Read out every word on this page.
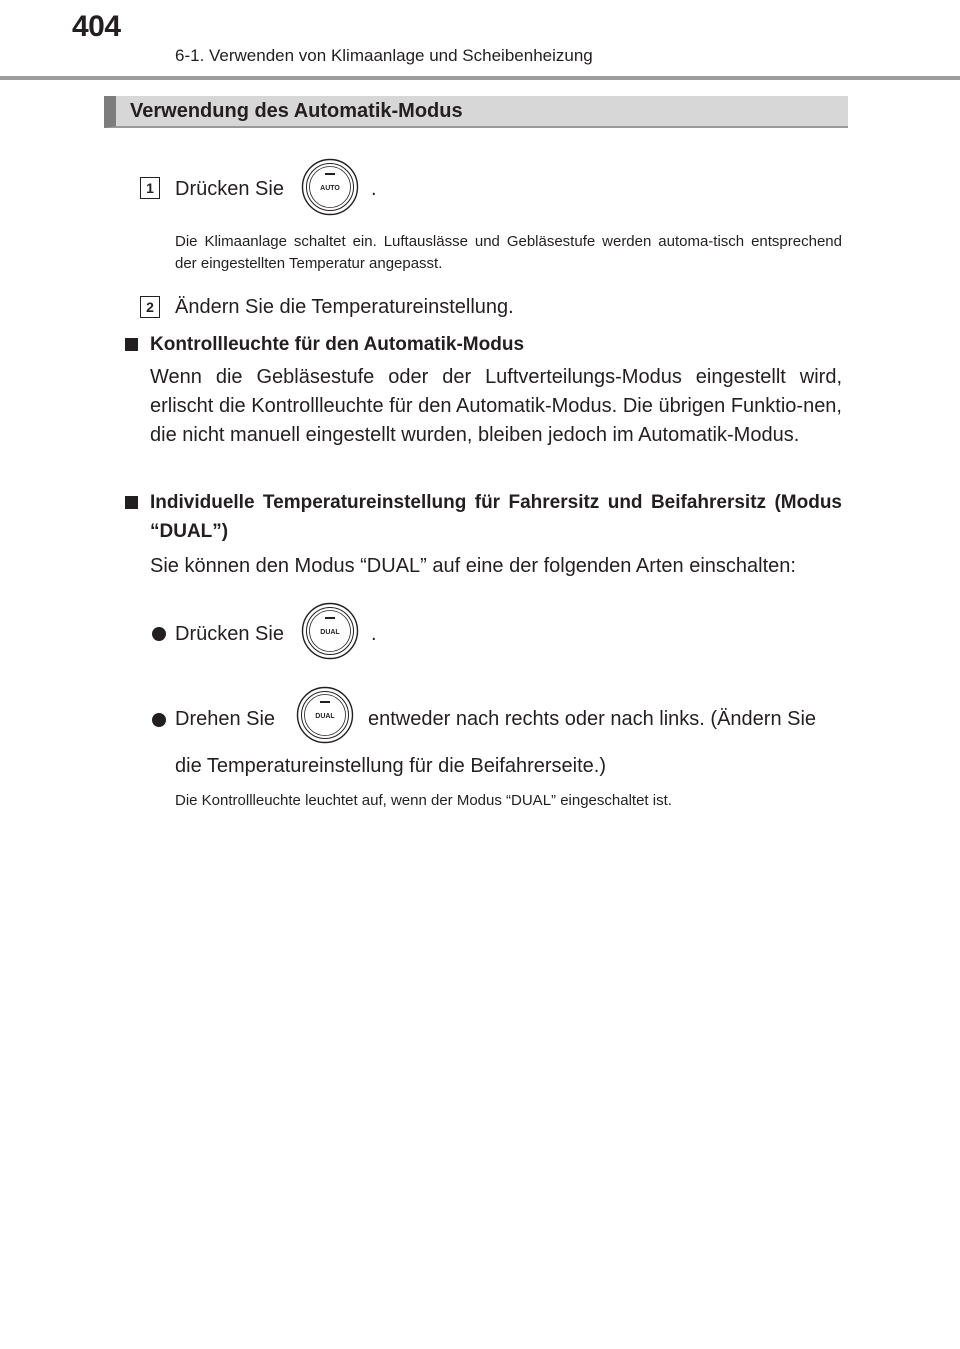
404
6-1. Verwenden von Klimaanlage und Scheibenheizung
Verwendung des Automatik-Modus
1	Drücken Sie	AUTO .
Die Klimaanlage schaltet ein. Luftauslässe und Gebläsestufe werden automa-tisch entsprechend der eingestellten Temperatur angepasst.
2	Ändern Sie die Temperatureinstellung.
Kontrollleuchte für den Automatik-Modus
Wenn die Gebläsestufe oder der Luftverteilungs-Modus eingestellt wird, erlischt die Kontrollleuchte für den Automatik-Modus. Die übrigen Funktio-nen, die nicht manuell eingestellt wurden, bleiben jedoch im Automatik-Modus.
Individuelle Temperatureinstellung für Fahrersitz und Beifahrersitz (Modus “DUAL”)
Sie können den Modus “DUAL” auf eine der folgenden Arten einschalten:
Drücken Sie	DUAL .
Drehen Sie	DUAL entweder nach rechts oder nach links. (Ändern Sie
die Temperatureinstellung für die Beifahrerseite.)
Die Kontrollleuchte leuchtet auf, wenn der Modus “DUAL” eingeschaltet ist.
